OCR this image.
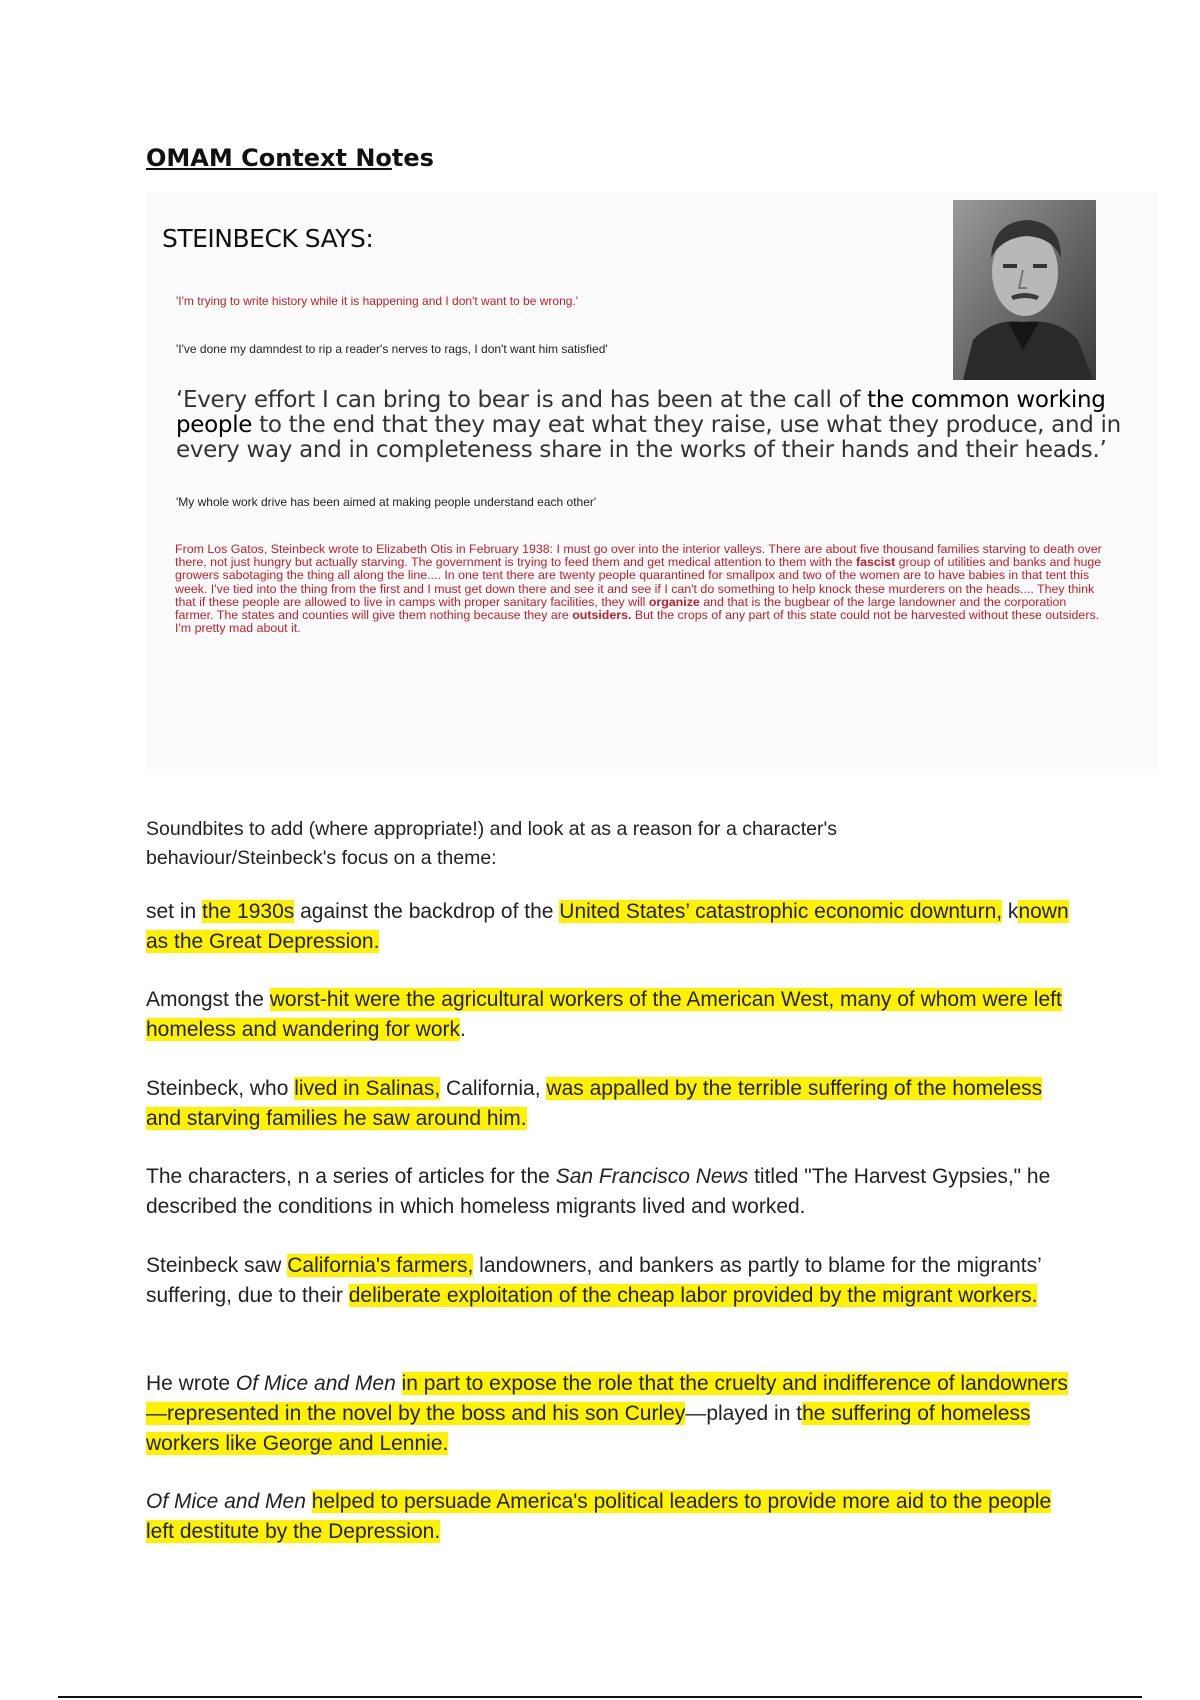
OMAM Context Notes
STEINBECK SAYS:
'I'm trying to write history while it is happening and I don't want to be wrong.'
'I've done my damndest to rip a reader's nerves to rags, I don't want him satisfied'
‘Every effort I can bring to bear is and has been at the call of the common working people to the end that they may eat what they raise, use what they produce, and in every way and in completeness share in the works of their hands and their heads.’
'My whole work drive has been aimed at making people understand each other'
From Los Gatos, Steinbeck wrote to Elizabeth Otis in February 1938: I must go over into the interior valleys. There are about five thousand families starving to death over there, not just hungry but actually starving. The government is trying to feed them and get medical attention to them with the fascist group of utilities and banks and huge growers sabotaging the thing all along the line.... In one tent there are twenty people quarantined for smallpox and two of the women are to have babies in that tent this week. I've tied into the thing from the first and I must get down there and see it and see if I can't do something to help knock these murderers on the heads.... They think that if these people are allowed to live in camps with proper sanitary facilities, they will organize and that is the bugbear of the large landowner and the corporation farmer. The states and counties will give them nothing because they are outsiders. But the crops of any part of this state could not be harvested without these outsiders. I'm pretty mad about it.
Soundbites to add (where appropriate!) and look at as a reason for a character's behaviour/Steinbeck's focus on a theme:
set in the 1930s against the backdrop of the United States’ catastrophic economic downturn, known as the Great Depression.
Amongst the worst-hit were the agricultural workers of the American West, many of whom were left homeless and wandering for work.
Steinbeck, who lived in Salinas, California, was appalled by the terrible suffering of the homeless and starving families he saw around him.
The characters, n a series of articles for the San Francisco News titled "The Harvest Gypsies," he described the conditions in which homeless migrants lived and worked.
Steinbeck saw California's farmers, landowners, and bankers as partly to blame for the migrants’ suffering, due to their deliberate exploitation of the cheap labor provided by the migrant workers.
He wrote Of Mice and Men in part to expose the role that the cruelty and indifference of landowners—represented in the novel by the boss and his son Curley—played in the suffering of homeless workers like George and Lennie.
Of Mice and Men helped to persuade America's political leaders to provide more aid to the people left destitute by the Depression.
